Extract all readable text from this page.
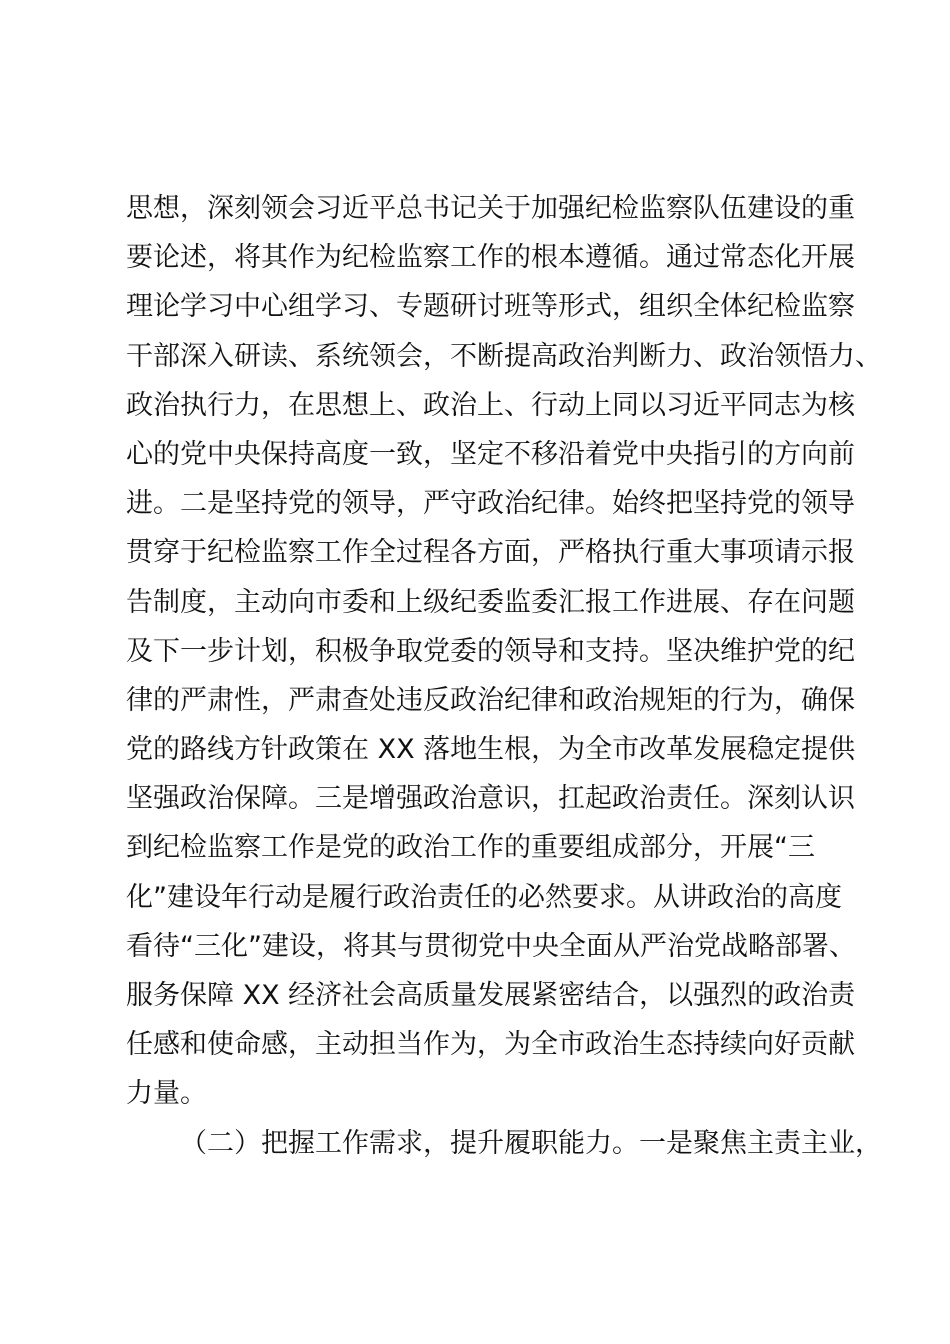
思想，深刻领会习近平总书记关于加强纪检监察队伍建设的重
要论述，将其作为纪检监察工作的根本遵循。通过常态化开展
理论学习中心组学习、专题研讨班等形式，组织全体纪检监察
干部深入研读、系统领会，不断提高政治判断力、政治领悟力、
政治执行力，在思想上、政治上、行动上同以习近平同志为核
心的党中央保持高度一致，坚定不移沿着党中央指引的方向前
进。二是坚持党的领导，严守政治纪律。始终把坚持党的领导
贯穿于纪检监察工作全过程各方面，严格执行重大事项请示报
告制度，主动向市委和上级纪委监委汇报工作进展、存在问题
及下一步计划，积极争取党委的领导和支持。坚决维护党的纪
律的严肃性，严肃查处违反政治纪律和政治规矩的行为，确保
党的路线方针政策在 XX 落地生根，为全市改革发展稳定提供
坚强政治保障。三是增强政治意识，扛起政治责任。深刻认识
到纪检监察工作是党的政治工作的重要组成部分，开展“三
化”建设年行动是履行政治责任的必然要求。从讲政治的高度
看待“三化”建设，将其与贯彻党中央全面从严治党战略部署、
服务保障 XX 经济社会高质量发展紧密结合，以强烈的政治责
任感和使命感，主动担当作为，为全市政治生态持续向好贡献
力量。
（二）把握工作需求，提升履职能力。一是聚焦主责主业，
